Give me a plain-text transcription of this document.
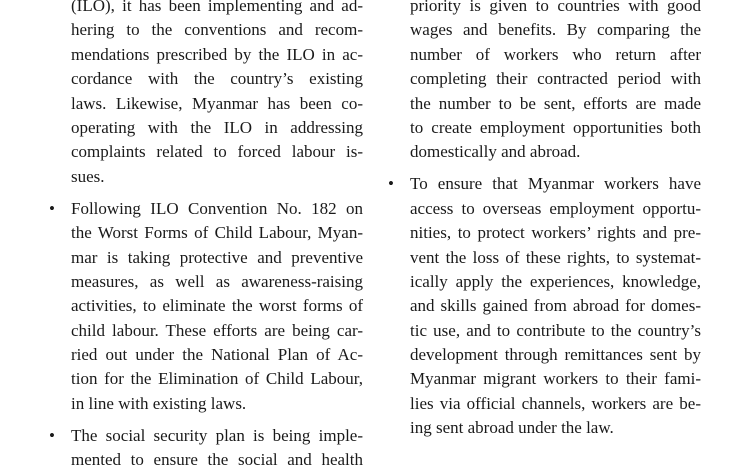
(ILO), it has been implementing and ad-
hering to the conventions and recom-
mendations prescribed by the ILO in ac-
cordance with the country’s existing
laws. Likewise, Myanmar has been co-
operating with the ILO in addressing
complaints related to forced labour is-
sues.
• Following ILO Convention No. 182 on
the Worst Forms of Child Labour, Myan-
mar is taking protective and preventive
measures, as well as awareness-raising
activities, to eliminate the worst forms of
child labour. These efforts are being car-
ried out under the National Plan of Ac-
tion for the Elimination of Child Labour,
in line with existing laws.
• The social security plan is being imple-
mented to ensure the social and health
priority is given to countries with good
wages and benefits. By comparing the
number of workers who return after
completing their contracted period with
the number to be sent, efforts are made
to create employment opportunities both
domestically and abroad.
• To ensure that Myanmar workers have
access to overseas employment opportu-
nities, to protect workers’ rights and pre-
vent the loss of these rights, to systemat-
ically apply the experiences, knowledge,
and skills gained from abroad for domes-
tic use, and to contribute to the country’s
development through remittances sent by
Myanmar migrant workers to their fami-
lies via official channels, workers are be-
ing sent abroad under the law.
